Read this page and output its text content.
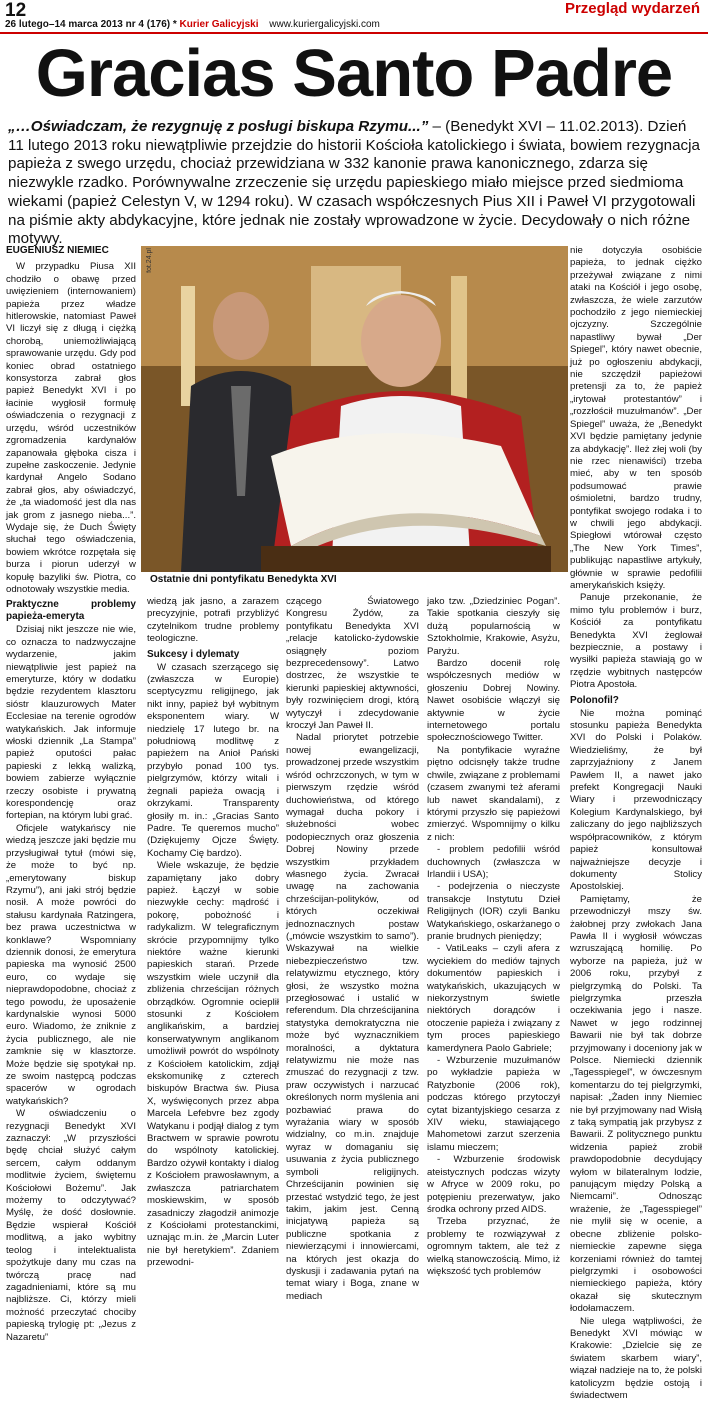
12
26 lutego–14 marca 2013 nr 4 (176) * Kurier Galicyjski www.kuriergalicyjski.com
Przegląd wydarzeń
Gracias Santo Padre
„…Oświadczam, że rezygnuję z posługi biskupa Rzymu...” – (Benedykt XVI – 11.02.2013). Dzień 11 lutego 2013 roku niewątpliwie przejdzie do historii Kościoła katolickiego i świata, bowiem rezygnacja papieża z swego urzędu, chociaż przewidziana w 332 kanonie prawa kanonicznego, zdarza się niezwykle rzadko. Porównywalne zrzeczenie się urzędu papieskiego miało miejsce przed siedmioma wiekami (papież Celestyn V, w 1294 roku). W czasach współczesnych Pius XII i Paweł VI przygotowali na piśmie akty abdykacyjne, które jednak nie zostały wprowadzone w życie. Decydowały o nich różne motywy.
EUGENIUSZ NIEMIEC

W przypadku Piusa XII chodziło o obawę przed uwięzieniem (internowaniem) papieża przez władze hitlerowskie, natomiast Paweł VI liczył się z długą i ciężką chorobą, uniemożliwiającą sprawowanie urzędu. Gdy pod koniec obrad ostatniego konsystorza zabrał głos papież Benedykt XVI i po łacinie wygłosił formułę oświadczenia o rezygnacji z urzędu, wśród uczestników zgromadzenia kardynałów zapanowała głęboka cisza i zupełne zaskoczenie. Jedynie kardynał Angelo Sodano zabrał głos, aby oświadczyć, że „ta wiadomość jest dla nas jak grom z jasnego nieba...”. Wydaje się, że Duch Święty słuchał tego oświadczenia, bowiem wkrótce rozpętała się burza i piorun uderzył w kopułę bazyliki św. Piotra, co odnotowały wszystkie media.

Praktyczne problemy papieża-emeryta

Dzisiaj nikt jeszcze nie wie, co oznacza to nadzwyczajne wydarzenie, jakim niewątpliwie jest papież na emeryturze, który w dodatku będzie rezydentem klasztoru sióstr klauzurowych Mater Ecclesiae na terenie ogrodów watykańskich. Jak informuje włoski dziennik „La Stampa” papież oputości pałac papieski z lekką walizką, bowiem zabierze wyłącznie rzeczy osobiste i prywatną korespondencję oraz fortepian, na którym lubi grać.

Oficjele watykańscy nie wiedzą jeszcze jaki będzie mu przysługiwał tytuł (mówi się, że może to być np. „emerytowany biskup Rzymu”), ani jaki strój będzie nosił. A może powróci do stałusu kardynała Ratzingera, bez prawa uczestnictwa w konklawe? Wspomniany dziennik donosi, że emerytura papieska ma wynosić 2500 euro, co wydaje się nieprawdopodobne, chociaż z tego powodu, że uposażenie kardynalskie wynosi 5000 euro. Wiadomo, że zniknie z życia publicznego, ale nie zamknie się w klasztorze. Może będzie się spotykał np. ze swoim następcą podczas spacerów w ogrodach watykańskich?

W oświadczeniu o rezygnacji Benedykt XVI zaznaczył: „W przyszłości będę chciał służyć całym sercem, całym oddanym modlitwie życiem, świętemu Kościołowi Bożemu”. Jak możemy to odczytywać? Myślę, że dość dosłownie. Będzie wspierał Kościół modlitwą, a jako wybitny teolog i intelektualista spożytkuje dany mu czas na twórczą pracę nad zagadnieniami, które są mu najbliższe. Ci, którzy mieli możność przeczytać chociby papieską trylogię pt: „Jezus z Nazaretu”

fot.24.pl
Ostatnie dni pontyfikatu Benedykta XVI

wiedzą jak jasno, a zarazem precyzyjnie, potrafi przybliżyć czytelnikom trudne problemy teologiczne.

Sukcesy i dylematy

W czasach szerzącego się (zwłaszcza w Europie) sceptycyzmu religijnego, jak nikt inny, papież był wybitnym eksponentem wiary. W niedzielę 17 lutego br. na południową modlitwę z papieżem na Anioł Pański przybyło ponad 100 tys. pielgrzymów, którzy witali i żegnali papieża owacją i okrzykami. Transparenty głosiły m. in.: „Gracias Santo Padre. Te queremos mucho” (Dziękujemy Ojcze Święty. Kochamy Cię bardzo).

Wiele wskazuje, że będzie zapamiętany jako dobry papież. Łączył w sobie niezwykłe cechy: mądrość i pokorę, pobożność i radykalizm. W telegraficznym skrócie przypomnijmy tylko niektóre ważne kierunki papieskich starań. Przede wszystkim wiele uczynił dla zbliżenia chrześcijan różnych obrządków. Ogromnie ocieplił stosunki z Kościołem anglikańskim, a bardziej konserwatywnym anglikanom umożliwił powrót do wspólnoty z Kościołem katolickim, zdjął ekskomunikę z czterech biskupów Bractwa św. Piusa X, wyświęconych przez abpa Marcela Lefebvre bez zgody Watykanu i podjął dialog z tym Bractwem w sprawie powrotu do wspólnoty katolickiej. Bardzo ożywił kontakty i dialog z Kościołem prawosławnym, a zwłaszcza patriarchatem moskiewskim, w sposób zasadniczy złagodził animozje z Kościołami protestanckimi, uznając m.in. że „Marcin Luter nie był heretykiem”. Zdaniem przewodni-

czącego Światowego Kongresu Żydów, za pontyfikatu Benedykta XVI „relacje katolicko-żydowskie osiągnęły poziom bezprecedensowy”. Latwo dostrzec, że wszystkie te kierunki papieskiej aktywności, były rozwinięciem drogi, którą wytyczył i zdecydowanie kroczył Jan Paweł II.

Nadal priorytet potrzebie nowej ewangelizacji, prowadzonej przede wszystkim wśród ochrzczonych, w tym w pierwszym rzędzie wśród duchowieństwa, od którego wymagał ducha pokory i służebności wobec podopiecznych oraz głoszenia Dobrej Nowiny przede wszystkim przykładem własnego życia. Zwracał uwagę na zachowania chrześcijan-polityków, od których oczekiwał jednoznacznych postaw („mówcie wszystkim to samo”). Wskazywał na wielkie niebezpieczeństwo tzw. relatywizmu etycznego, który głosi, że wszystko można przegłosować i ustalić w referendum. Dla chrześcijanina statystyka demokratyczna nie może być wyznacznikiem moralności, a dyktatura relatywizmu nie może nas zmuszać do rezygnacji z tzw. praw oczywistych i narzucać określonych norm myślenia ani pozbawiać prawa do wyrażania wiary w sposób widzialny, co m.in. znajduje wyraz w domaganiu się usuwania z życia publicznego symboli religijnych. Chrześcijanin powinien się przestać wstydzić tego, że jest takim, jakim jest. Cenną inicjatywą papieża są publiczne spotkania z niewierzącymi i innowiercami, na których jest okazja do dyskusji i zadawania pytań na temat wiary i Boga, znane w mediach

jako tzw. „Dziedziniec Pogan”. Takie spotkania cieszyły się dużą popularnością w Sztokholmie, Krakowie, Asyżu, Paryżu.

Bardzo docenił rolę współczesnych mediów w głoszeniu Dobrej Nowiny. Nawet osobiście włączył się aktywnie w życie internetowego portalu społecznościowego Twitter.

Na pontyfikacie wyraźne piętno odcisnęły także trudne chwile, związane z problemami (czasem zwanymi też aferami lub nawet skandalami), z którymi przyszło się papieżowi zmierzyć. Wspomnijmy o kilku z nich:

- problem pedofilii wśród duchownych (zwłaszcza w Irlandii i USA);

- podejrzenia o nieczyste transakcje Instytutu Dzieł Religijnych (IOR) czyli Banku Watykańskiego, oskarżanego o pranie brudnych pieniędzy;

- VatiLeaks – czyli afera z wyciekiem do mediów tajnych dokumentów papieskich i watykańskich, ukazujących w niekorzystnym świetle niektórych dorадców i otoczenie papieża i związany z tym proces papieskiego kamerdynera Paolo Gabriele;

- Wzburzenie muzułmanów po wykładzie papieża w Ratyzbonie (2006 rok), podczas którego przytoczył cytat bizantyjskiego cesarza z XIV wieku, stawiającego Mahometowi zarzut szerzenia islamu mieczem;

- Wzburzenie środowisk ateistycznych podczas wizyty w Afryce w 2009 roku, po potępieniu prezerwatyw, jako środka ochrony przed AIDS.

Trzeba przyznać, że problemy te rozwiązywał z ogromnym taktem, ale też z wielką stanowczością. Mimo, iż większość tych problemów

nie dotyczyła osobiście papieża, to jednak ciężko przeżywał związane z nimi ataki na Kościół i jego osobę, zwłaszcza, że wiele zarzutów pochodziło z jego niemieckiej ojczyzny. Szczególnie napastliwy bywał „Der Spiegel”, który nawet obecnie, już po ogłoszeniu abdykacji, nie szczędził papieżowi pretensji za to, że papież „irytował protestantów” i „rozzłościł muzułmanów”. „Der Spiegel” uważa, że „Benedykt XVI będzie pamiętany jedynie za abdykację”. Ileż złej woli (by nie rzec nienawiści) trzeba mieć, aby w ten sposób podsumować prawie ośmioletni, bardzo trudny, pontyfikat swojego rodaka i to w chwili jego abdykacji. Spiegłowi wtórował często „The New York Times”, publikując napastliwe artykuły, głównie w sprawie pedofilii amerykańskich księży.

Panuje przekonanie, że mimo tylu problemów i burz, Kościół za pontyfikatu Benedykta XVI żeglował bezpiecznie, a postawy i wysiłki papieża stawiają go w rzędzie wybitnych następców Piotra Apostoła.

Polonofil?

Nie można pominąć stosunku papieża Benedykta XVI do Polski i Polaków. Wiedzieliśmy, że był zaprzyjaźniony z Janem Pawłem II, a nawet jako prefekt Kongregacji Nauki Wiary i przewodniczący Kolegium Kardynalskiego, był zaliczany do jego najbliższych współpracowników, z którym papież konsultował najważniejsze decyzje i dokumenty Stolicy Apostolskiej.

Pamiętamy, że przewodniczył mszy św. żałobnej przy zwłokach Jana Pawła II i wygłosił wówczas wzruszającą homilię. Po wyborze na papieża, już w 2006 roku, przybył z pielgrzymką do Polski. Ta pielgrzymka przeszła oczekiwania jego i nasze. Nawet w jego rodzinnej Bawarii nie był tak dobrze przyjmowany i doceniony jak w Polsce. Niemiecki dziennik „Tagesspiegel”, w ówczesnym komentarzu do tej pielgrzymki, napisał: „Żaden inny Niemiec nie był przyjmowany nad Wisłą z taką sympatią jak przybysz z Bawarii. Z politycznego punktu widzenia papież zrobił prawdopodobnie decydujący wyłom w bilateralnym lodzie, panującym między Polską a Niemcami”. Odnosząc wrażenie, że „Tagesspiegel” nie mylił się w ocenie, a obecne zbliżenie polsko-niemieckie zapewne sięga korzeniami również do tamtej pielgrzymki i osobowości niemieckiego papieża, który okazał się skutecznym łodołamaczem.

Nie ulega wątpliwości, że Benedykt XVI mówiąc w Krakowie: „Dzielcie się ze światem skarbem wiary”, wiązał nadzieje na to, że polski katolicyzm będzie ostoją i świadectwem
